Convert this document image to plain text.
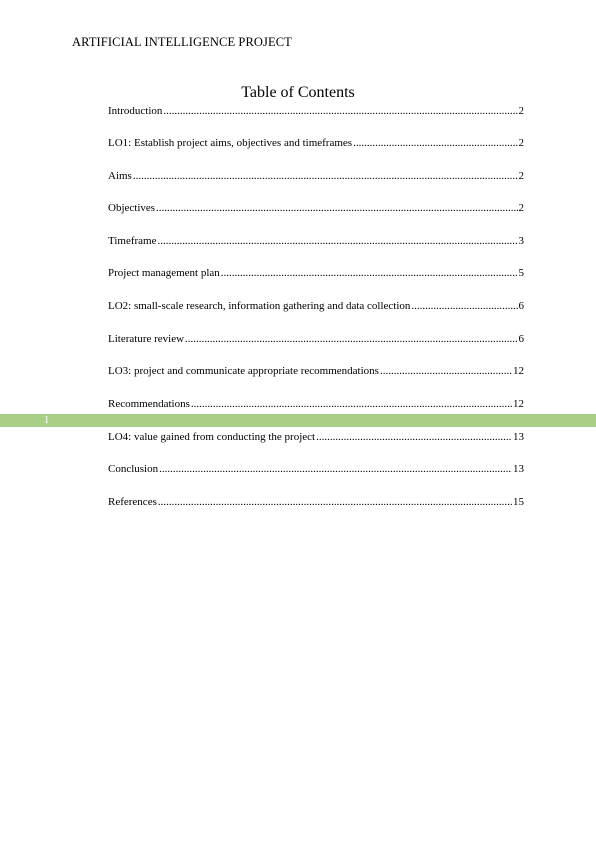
ARTIFICIAL INTELLIGENCE PROJECT
Table of Contents
1
Introduction .....	2
LO1: Establish project aims, objectives and timeframes .....	2
Aims .....	2
Objectives .....	2
Timeframe .....	3
Project management plan .....	5
LO2: small-scale research, information gathering and data collection .....	6
Literature review .....	6
LO3: project and communicate appropriate recommendations .....	12
Recommendations .....	12
LO4: value gained from conducting the project .....	13
Conclusion .....	13
References .....	15
